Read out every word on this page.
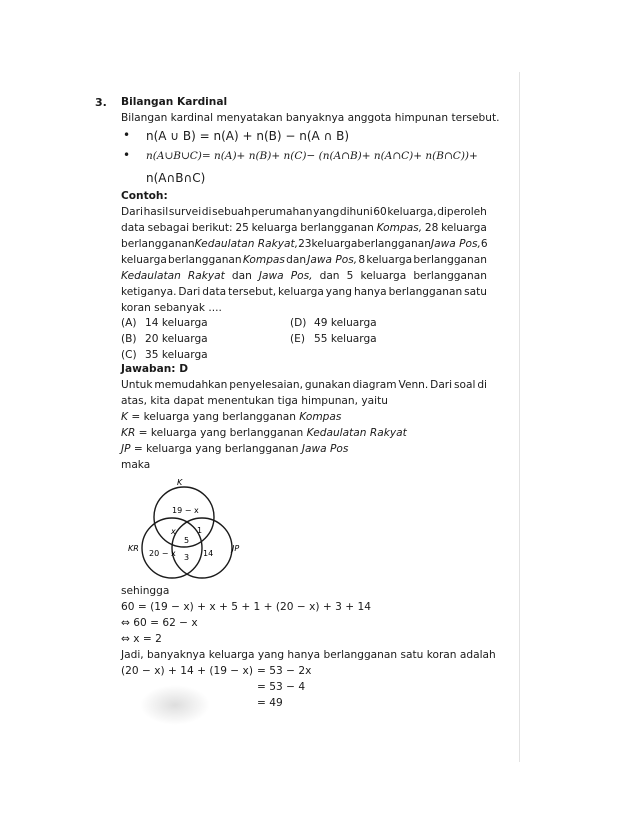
3. Bilangan Kardinal
Bilangan kardinal menyatakan banyaknya anggota himpunan tersebut.
• n(A ∪ B) = n(A) + n(B) − n(A ∩ B)
• n(A∪B∪C)= n(A)+ n(B)+ n(C)− (n(A∩B)+ n(A∩C)+ n(B∩C))+
n(A∩B∩C)
Contoh:
Dari hasil survei di sebuah perumahan yang dihuni 60 keluarga, diperoleh
data sebagai berikut: 25 keluarga berlangganan Kompas, 28 keluarga
berlangganan Kedaulatan Rakyat, 23 keluarga berlangganan Jawa Pos, 6
keluarga berlangganan Kompas dan Jawa Pos, 8 keluarga berlangganan
Kedaulatan Rakyat dan Jawa Pos, dan 5 keluarga berlangganan
ketiganya. Dari data tersebut, keluarga yang hanya berlangganan satu
koran sebanyak ....
(A) 14 keluarga
(B) 20 keluarga
(C) 35 keluarga
(D) 49 keluarga
(E) 55 keluarga
Jawaban: D
Untuk memudahkan penyelesaian, gunakan diagram Venn. Dari soal di
atas, kita dapat menentukan tiga himpunan, yaitu
K = keluarga yang berlangganan Kompas
KR = keluarga yang berlangganan Kedaulatan Rakyat
JP = keluarga yang berlangganan Jawa Pos
maka
K
KR	JP
19 − x
x	1
5
20 − x 3 14
sehingga
60 = (19 − x) + x + 5 + 1 + (20 − x) + 3 + 14
⇔ 60 = 62 − x
⇔ x = 2
Jadi, banyaknya keluarga yang hanya berlangganan satu koran adalah
(20 − x) + 14 + (19 − x) = 53 − 2x
= 53 − 4
= 49
